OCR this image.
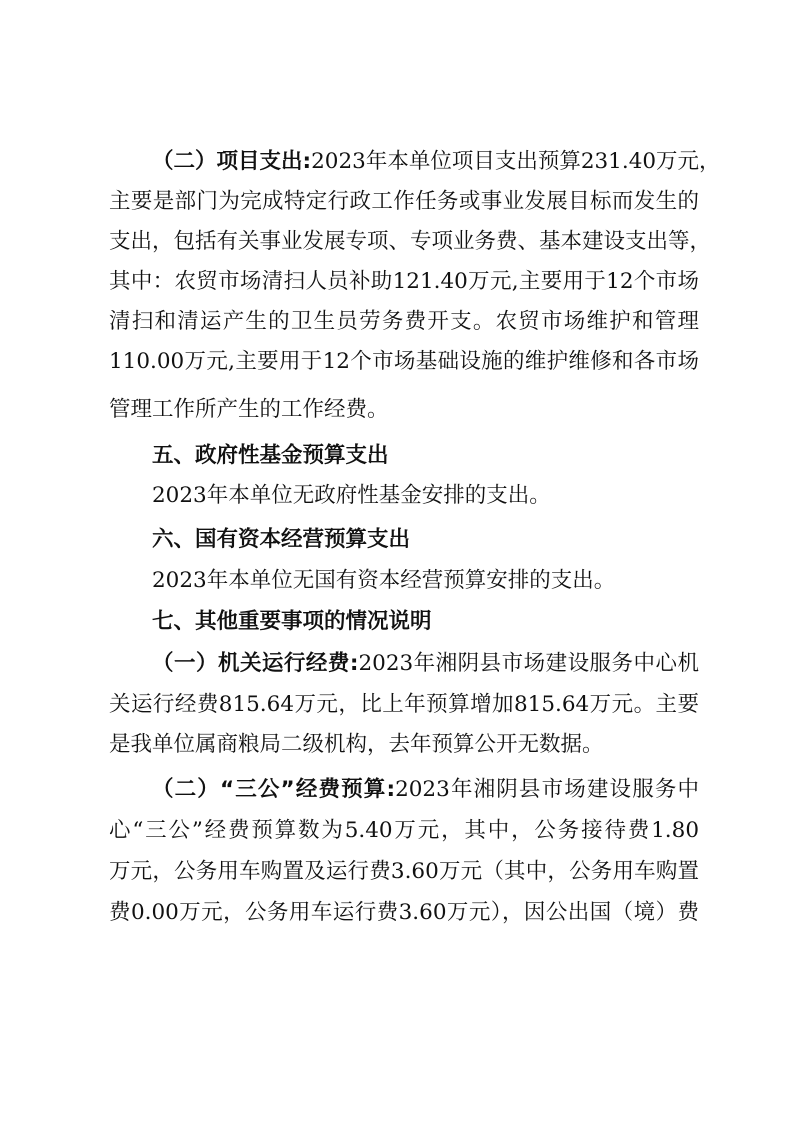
（二）项目支出:2023年本单位项目支出预算231.40万元，
主要是部门为完成特定行政工作任务或事业发展目标而发生的
支出，包括有关事业发展专项、专项业务费、基本建设支出等，
其中：农贸市场清扫人员补助121.40万元,主要用于12个市场
清扫和清运产生的卫生员劳务费开支。农贸市场维护和管理
110.00万元,主要用于12个市场基础设施的维护维修和各市场
管理工作所产生的工作经费。
五、政府性基金预算支出
2023年本单位无政府性基金安排的支出。
六、国有资本经营预算支出
2023年本单位无国有资本经营预算安排的支出。
七、其他重要事项的情况说明
（一）机关运行经费:2023年湘阴县市场建设服务中心机
关运行经费815.64万元，比上年预算增加815.64万元。主要
是我单位属商粮局二级机构，去年预算公开无数据。
（二）“三公”经费预算:2023年湘阴县市场建设服务中
心“三公”经费预算数为5.40万元，其中，公务接待费1.80
万元，公务用车购置及运行费3.60万元（其中，公务用车购置
费0.00万元，公务用车运行费3.60万元），因公出国（境）费
